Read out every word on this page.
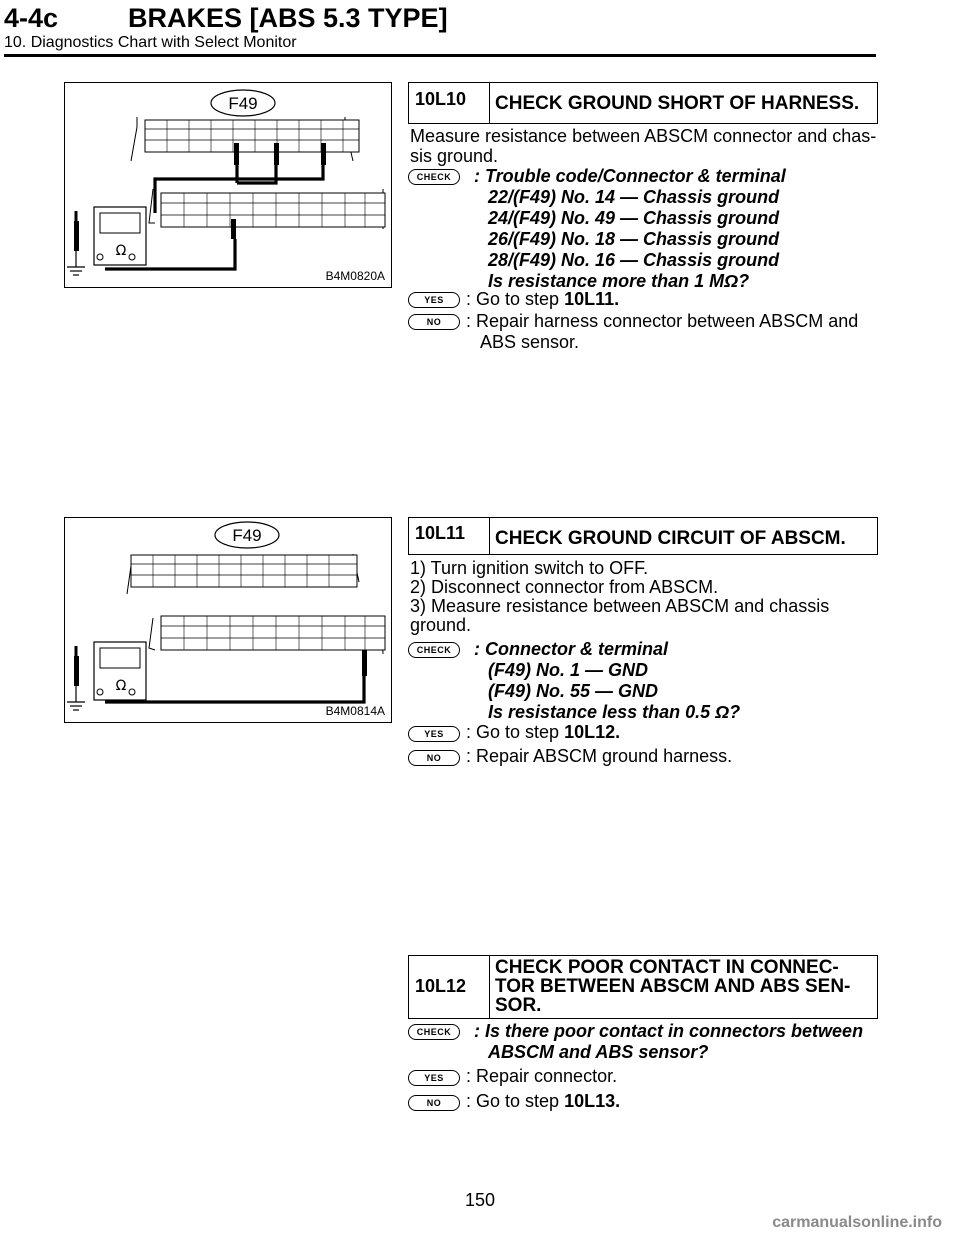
4-4c	BRAKES [ABS 5.3 TYPE]
10. Diagnostics Chart with Select Monitor
F49
Ω
B4M0820A
10L10 CHECK GROUND SHORT OF HARNESS.
Measure resistance between ABSCM connector and chas-
sis ground.
CHECK	: Trouble code/Connector & terminal
22/(F49) No. 14 — Chassis ground
24/(F49) No. 49 — Chassis ground
26/(F49) No. 18 — Chassis ground
28/(F49) No. 16 — Chassis ground
Is resistance more than 1 MΩ?
YES	: Go to step 10L11.
NO	: Repair harness connector between ABSCM and
ABS sensor.
F49
Ω
B4M0814A
10L11 CHECK GROUND CIRCUIT OF ABSCM.
1) Turn ignition switch to OFF.
2) Disconnect connector from ABSCM.
3) Measure resistance between ABSCM and chassis
ground.
CHECK	: Connector & terminal
(F49) No. 1 — GND
(F49) No. 55 — GND
Is resistance less than 0.5 Ω?
YES	: Go to step 10L12.
NO	: Repair ABSCM ground harness.
10L12
CHECK POOR CONTACT IN CONNEC-
TOR BETWEEN ABSCM AND ABS SEN-
SOR.
CHECK	: Is there poor contact in connectors between
ABSCM and ABS sensor?
YES	: Repair connector.
NO	: Go to step 10L13.
150
carmanualsonline.info
